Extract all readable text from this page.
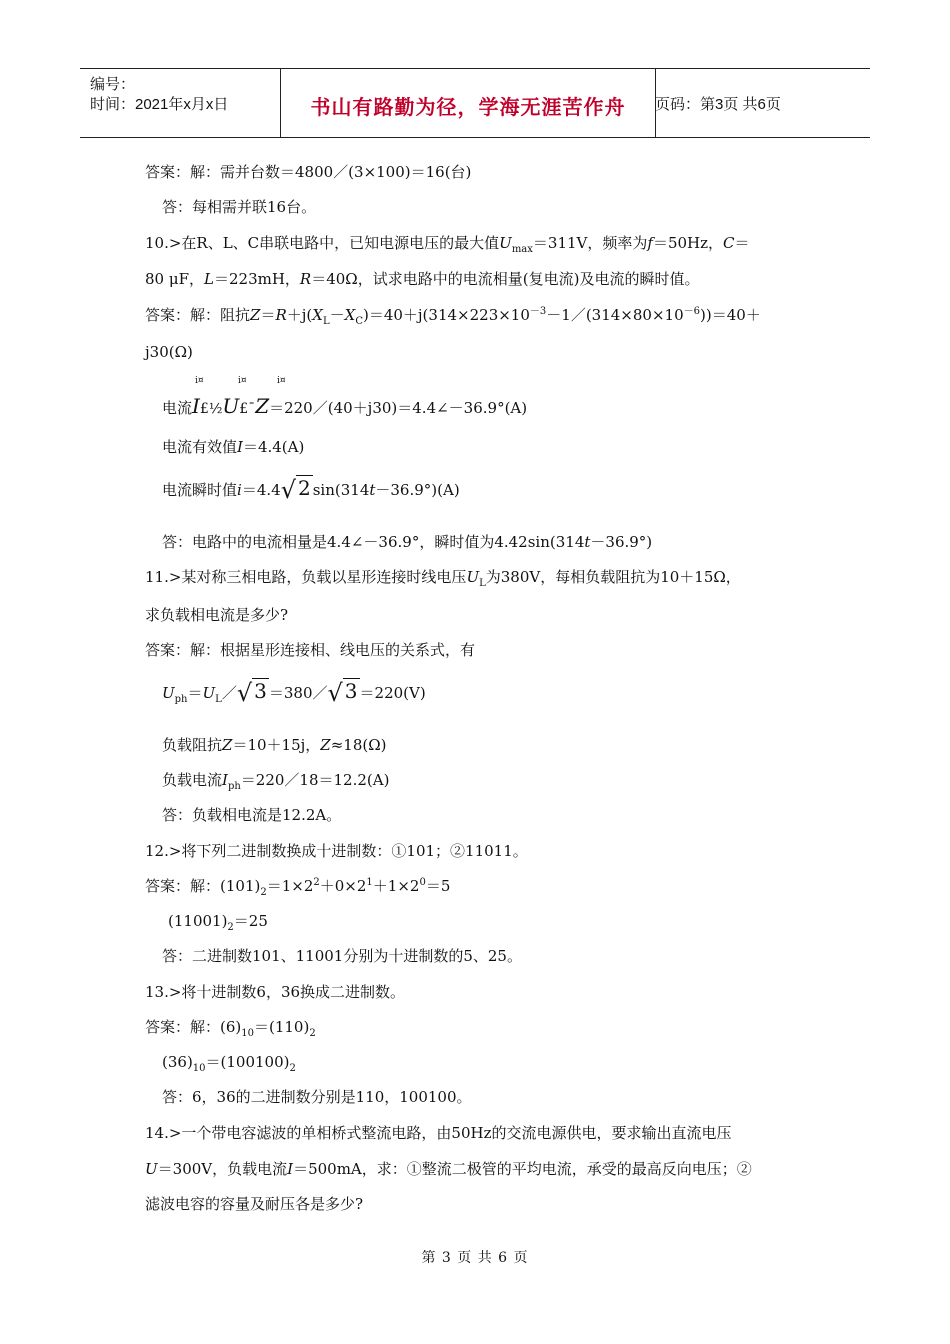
编号：
时间：2021年x月x日	书山有路勤为径，学海无涯苦作舟	页码：第3页 共6页
答案：解：需并台数＝4800／(3×100)＝16(台)
答：每相需并联16台。
10.>在R、L、C串联电路中，已知电源电压的最大值$U_{max}=311V$，频率为f＝50Hz，C＝
80 μF，L＝223mH，R＝40Ω，试求电路中的电流相量(复电流)及电流的瞬时值。
答案：解：阻抗$Z=R+j(X_L-X_C)=40+j(314\times 223\times 10^{-3}-1/(314\times 80\times 10^{-6}))=40+$
j30(Ω)
i¤	i¤	i¤
电流I£½U£¯Z＝220／(40＋j30)＝4.4∠－36.9°(A)
电流有效值I＝4.4(A)
电流瞬时值i＝4.4√ 2 sin(314t－36.9°)(A)
答：电路中的电流相量是4.4∠－36.9°，瞬时值为4.42sin(314t－36.9°)
11.>某对称三相电路，负载以星形连接时线电压$U_L$为380V，每相负载阻抗为10＋15Ω，
求负载相电流是多少?
答案：解：根据星形连接相、线电压的关系式，有
$U_{ph}=U_L/√$ 3 ＝380／√ 3 ＝220(V)
负载阻抗Z＝10＋15j，Z≈18(Ω)
负载电流$I_{ph}=220/18=12.2(A)$
答：负载相电流是12.2A。
12.>将下列二进制数换成十进制数：①101；②11011。
答案：解：$(101)_2=1\times 2^2+0\times 2^1+1\times 2^0=5$
$(11001)_2=25$
答：二进制数101、11001分别为十进制数的5、25。
13.>将十进制数6，36换成二进制数。
答案：解：$(6)_{10}=(110)_2$
$(36)_{10}=(100100)_2$
答：6，36的二进制数分别是110，100100。
14.>一个带电容滤波的单相桥式整流电路，由50Hz的交流电源供电，要求输出直流电压
U＝300V，负载电流I＝500mA，求：①整流二极管的平均电流，承受的最高反向电压；②
滤波电容的容量及耐压各是多少?
第 3 页 共 6 页
